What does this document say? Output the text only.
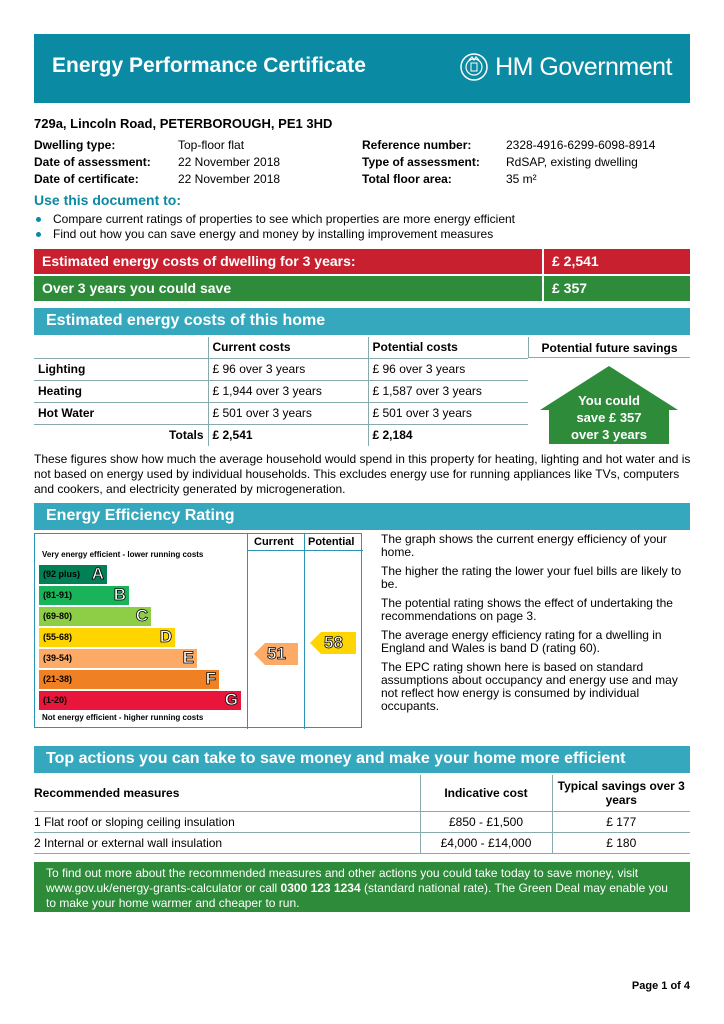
Energy Performance Certificate	HM Government
729a, Lincoln Road, PETERBOROUGH, PE1 3HD
Dwelling type:	Top-floor flat
Date of assessment: 22 November 2018
Date of certificate:	22 November 2018
Reference number:	2328-4916-6299-6098-8914
Type of assessment: RdSAP, existing dwelling
Total floor area:	35 m²
Use this document to:
Compare current ratings of properties to see which properties are more energy efficient
Find out how you can save energy and money by installing improvement measures
Estimated energy costs of dwelling for 3 years:	£ 2,541
Over 3 years you could save	£ 357
Estimated energy costs of this home
	Current costs	Potential costs
Lighting	£ 96 over 3 years	£ 96 over 3 years
Heating	£ 1,944 over 3 years	£ 1,587 over 3 years
Hot Water	£ 501 over 3 years	£ 501 over 3 years
Totals	£ 2,541	£ 2,184
Potential future savings
You could
save £ 357
over 3 years
These figures show how much the average household would spend in this property for heating, lighting and hot water and is not based on energy used by individual households. This excludes energy use for running appliances like TVs, computers and cookers, and electricity generated by microgeneration.
Energy Efficiency Rating
Current Potential
Very energy efficient - lower running costs
(92 plus) A
(81-91) B
(69-80)	C
(55-68)	D
(39-54)	E
(21-38)	F
(1-20)	G
Not energy efficient - higher running costs
51
58

The graph shows the current energy efficiency of your home.

The higher the rating the lower your fuel bills are likely to be.

The potential rating shows the effect of undertaking the recommendations on page 3.

The average energy efficiency rating for a dwelling in England and Wales is band D (rating 60).

The EPC rating shown here is based on standard assumptions about occupancy and energy use and may not reflect how energy is consumed by individual occupants.

Top actions you can take to save money and make your home more efficient
Recommended measures	Indicative cost	Typical savings over 3 years
1 Flat roof or sloping ceiling insulation	£850 - £1,500	£ 177
2 Internal or external wall insulation	£4,000 - £14,000	£ 180
To find out more about the recommended measures and other actions you could take today to save money, visit www.gov.uk/energy-grants-calculator or call 0300 123 1234 (standard national rate). The Green Deal may enable you to make your home warmer and cheaper to run.
Page 1 of 4
